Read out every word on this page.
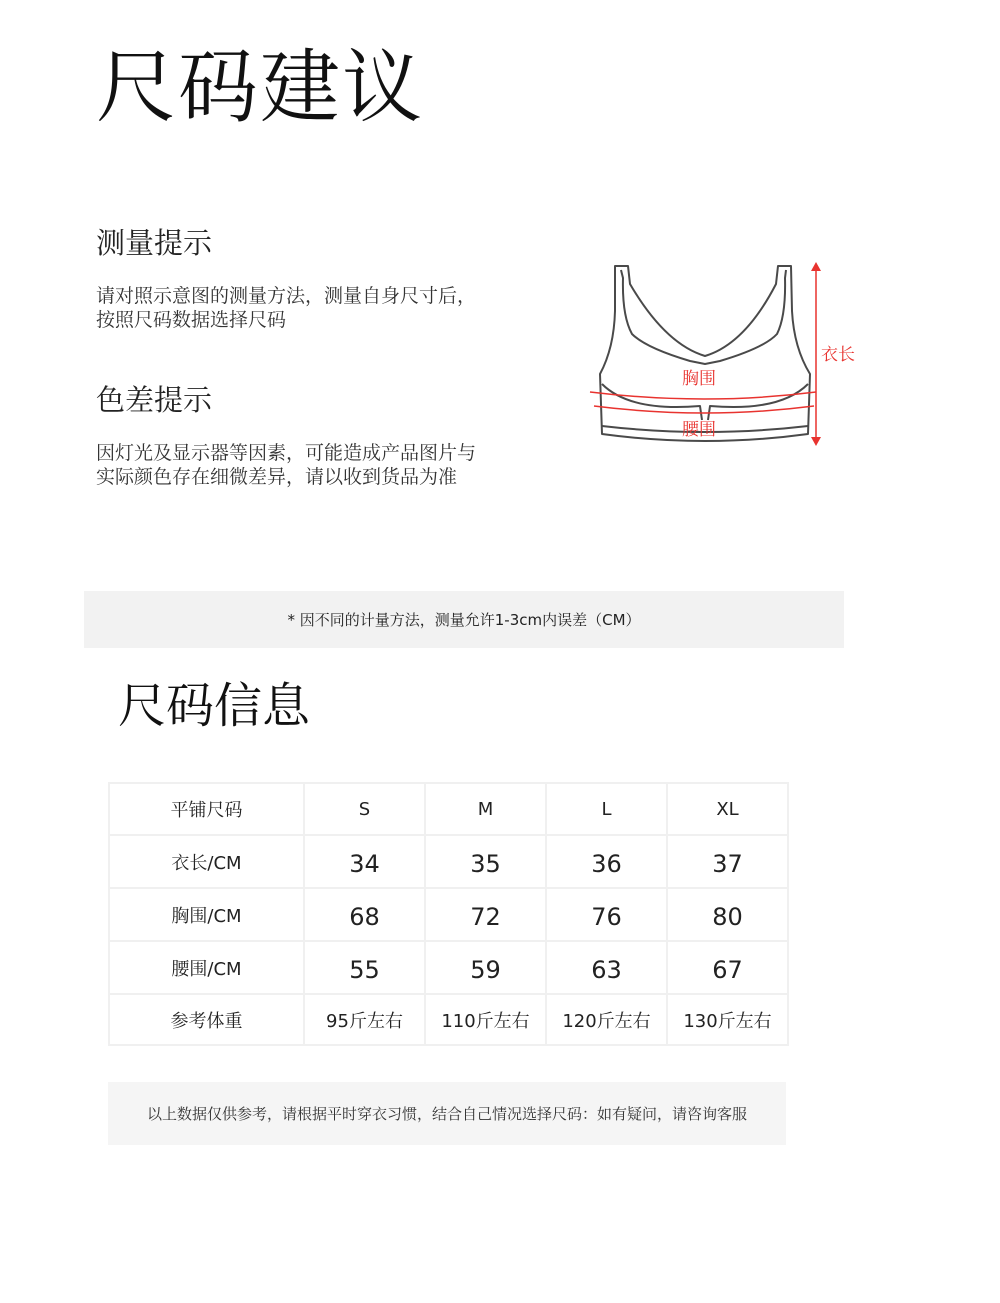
尺码建议
测量提示

请对照示意图的测量方法，测量自身尺寸后，
按照尺码数据选择尺码

色差提示

因灯光及显示器等因素，可能造成产品图片与
实际颜色存在细微差异，请以收到货品为准

衣长
胸围
腰围
* 因不同的计量方法，测量允许1-3cm内误差（CM）
尺码信息
平铺尺码	S	M	L	XL
衣长/CM	34	35	36	37
胸围/CM	68	72	76	80
腰围/CM	55	59	63	67
参考体重	95斤左右	110斤左右	120斤左右	130斤左右
以上数据仅供参考，请根据平时穿衣习惯，结合自己情况选择尺码：如有疑问，请咨询客服
